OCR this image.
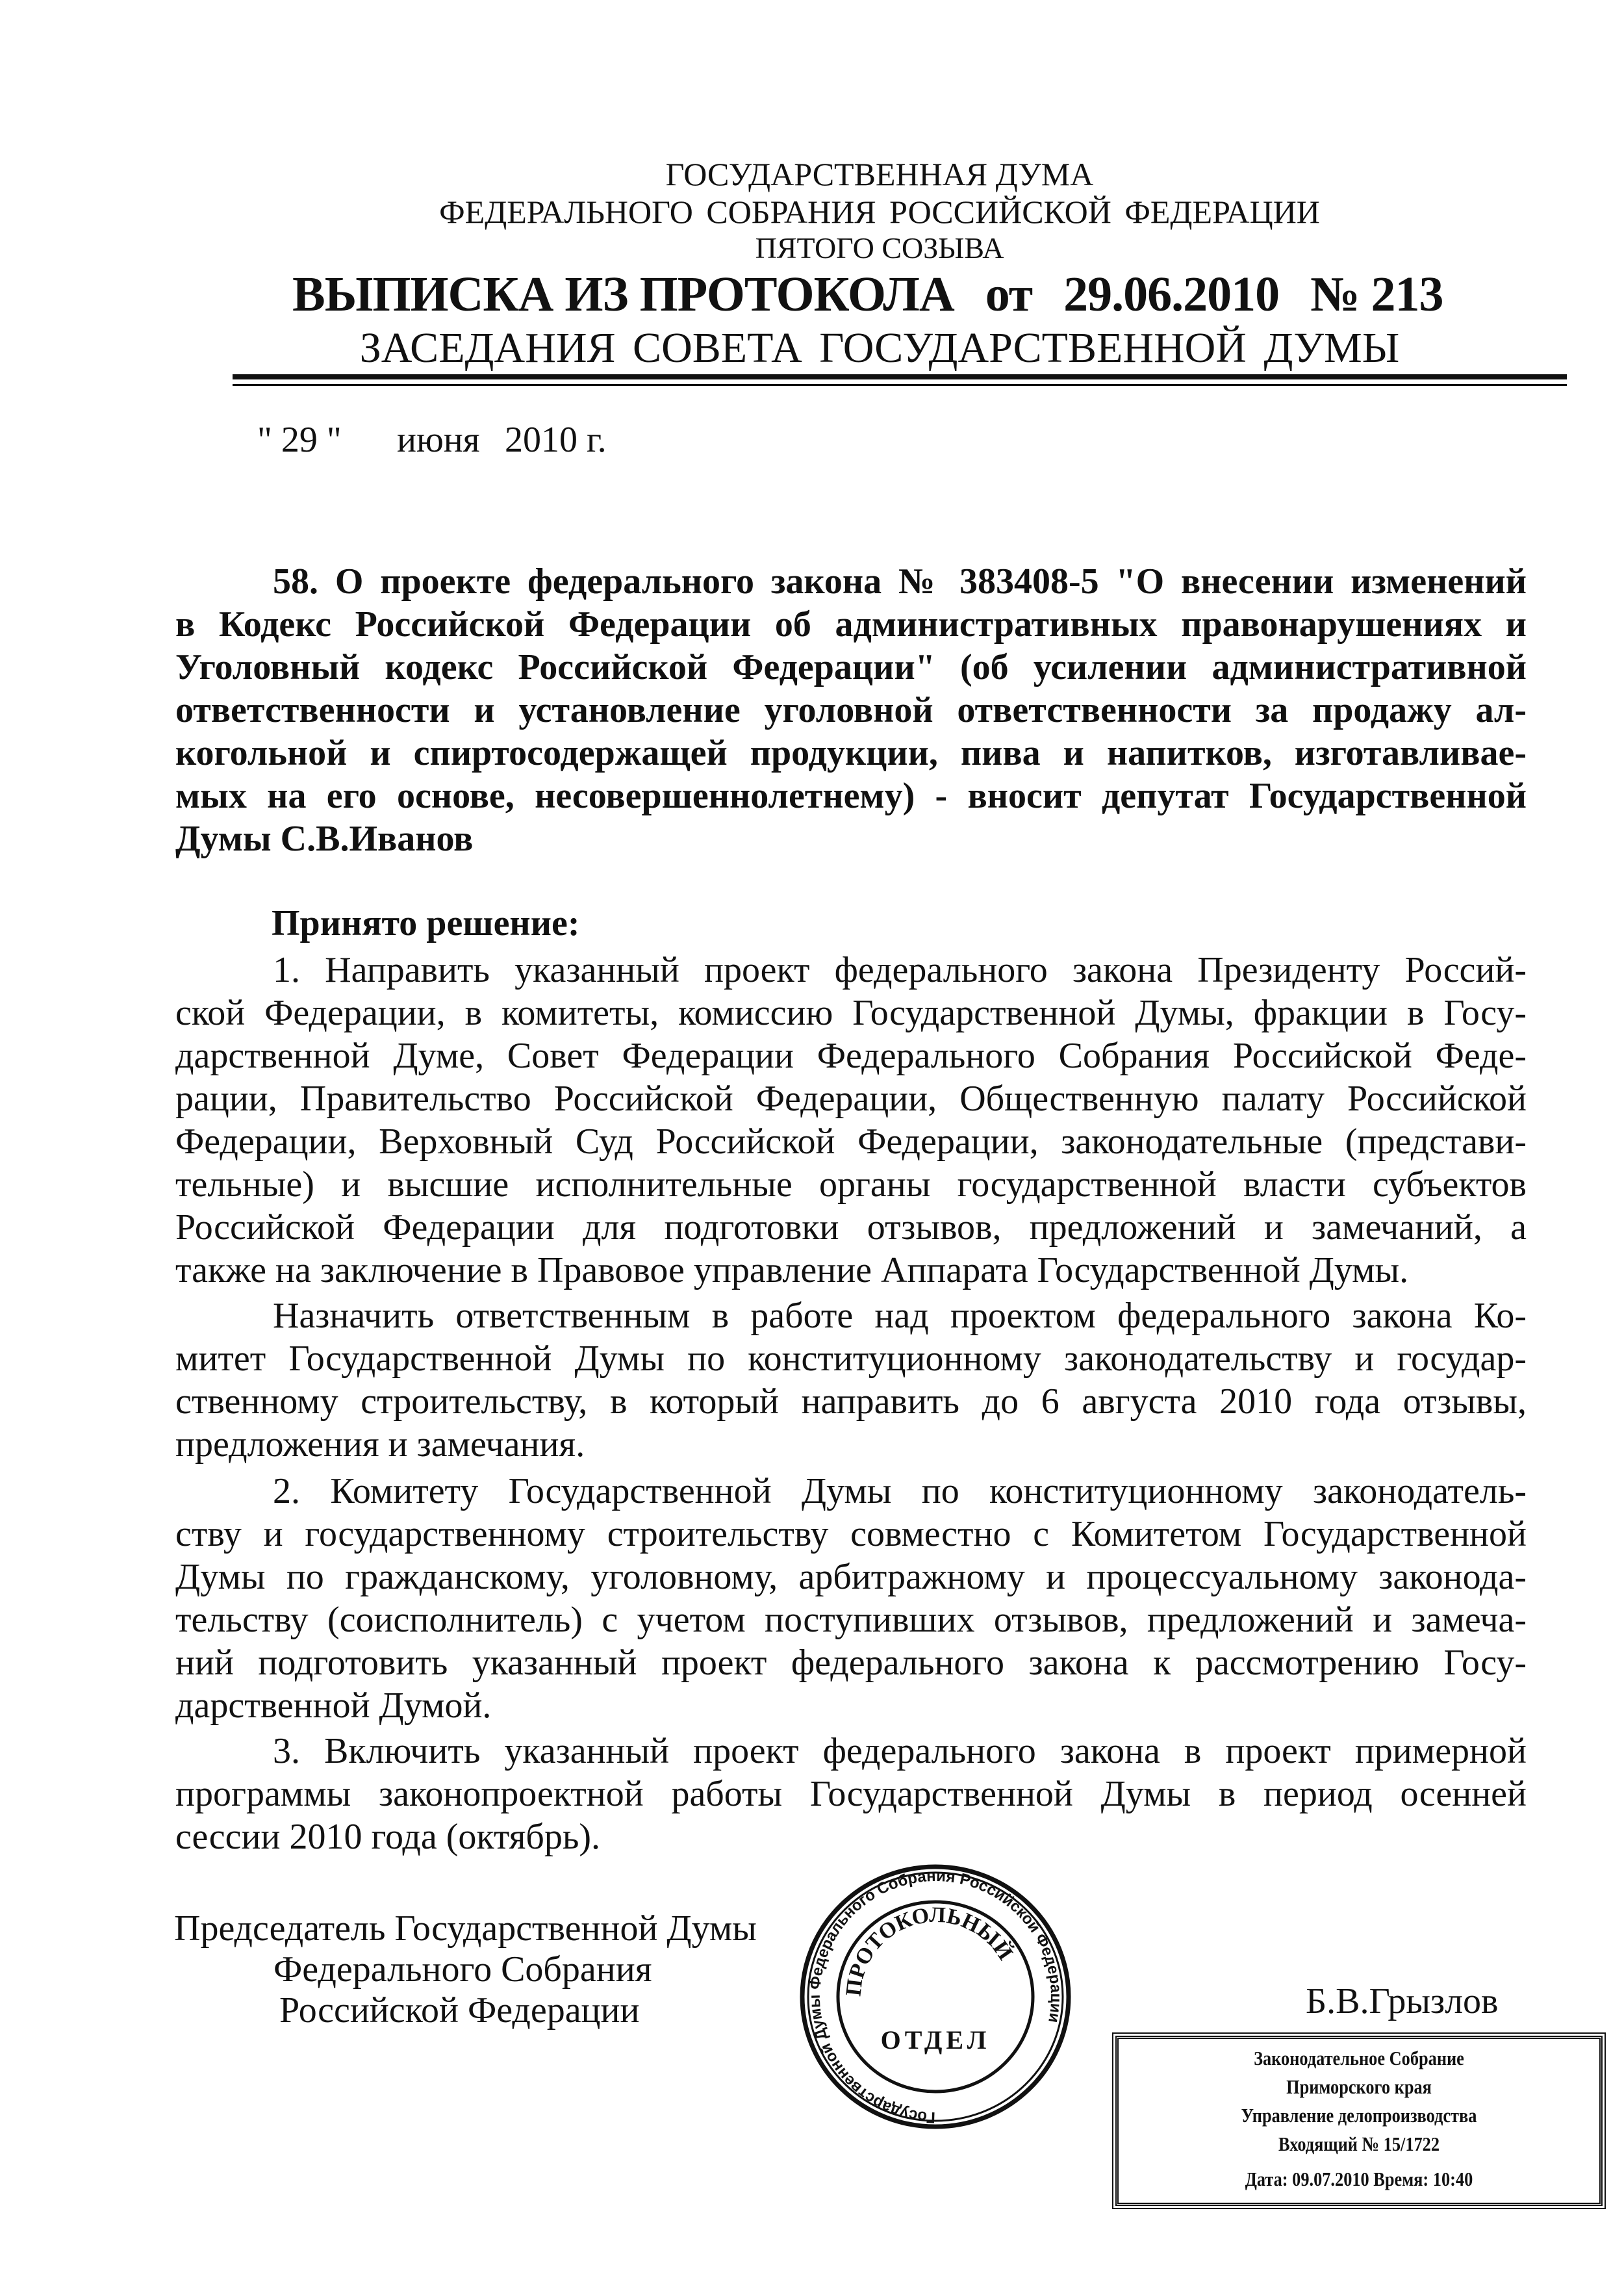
ГОСУДАРСТВЕННАЯ ДУМА
ФЕДЕРАЛЬНОГО СОБРАНИЯ РОССИЙСКОЙ ФЕДЕРАЦИИ
ПЯТОГО СОЗЫВА
ВЫПИСКА ИЗ ПРОТОКОЛА от 29.06.2010 № 213
ЗАСЕДАНИЯ СОВЕТА ГОСУДАРСТВЕННОЙ ДУМЫ
" 29 " июня 2010 г.
58. О проекте федерального закона № 383408-5 "О внесении изменений
в Кодекс Российской Федерации об административных правонарушениях и
Уголовный кодекс Российской Федерации" (об усилении административной
ответственности и установление уголовной ответственности за продажу ал-
когольной и спиртосодержащей продукции, пива и напитков, изготавливае-
мых на его основе, несовершеннолетнему) - вносит депутат Государственной
Думы С.В.Иванов
Принято решение:
1. Направить указанный проект федерального закона Президенту Россий-
ской Федерации, в комитеты, комиссию Государственной Думы, фракции в Госу-
дарственной Думе, Совет Федерации Федерального Собрания Российской Феде-
рации, Правительство Российской Федерации, Общественную палату Российской
Федерации, Верховный Суд Российской Федерации, законодательные (представи-
тельные) и высшие исполнительные органы государственной власти субъектов
Российской Федерации для подготовки отзывов, предложений и замечаний, а
также на заключение в Правовое управление Аппарата Государственной Думы.
Назначить ответственным в работе над проектом федерального закона Ко-
митет Государственной Думы по конституционному законодательству и государ-
ственному строительству, в который направить до 6 августа 2010 года отзывы,
предложения и замечания.
2. Комитету Государственной Думы по конституционному законодатель-
ству и государственному строительству совместно с Комитетом Государственной
Думы по гражданскому, уголовному, арбитражному и процессуальному законода-
тельству (соисполнитель) с учетом поступивших отзывов, предложений и замеча-
ний подготовить указанный проект федерального закона к рассмотрению Госу-
дарственной Думой.
3. Включить указанный проект федерального закона в проект примерной
программы законопроектной работы Государственной Думы в период осенней
сессии 2010 года (октябрь).
Председатель Государственной Думы
Федерального Собрания
Российской Федерации	Б.В.Грызлов
Государственной Думы Федерального Собрания Российской Федерации
ПРОТОКОЛЬНЫЙ
ОТДЕЛ
Законодательное Собрание
Приморского края
Управление делопроизводства
Входящий № 15/1722
Дата: 09.07.2010 Время: 10:40
